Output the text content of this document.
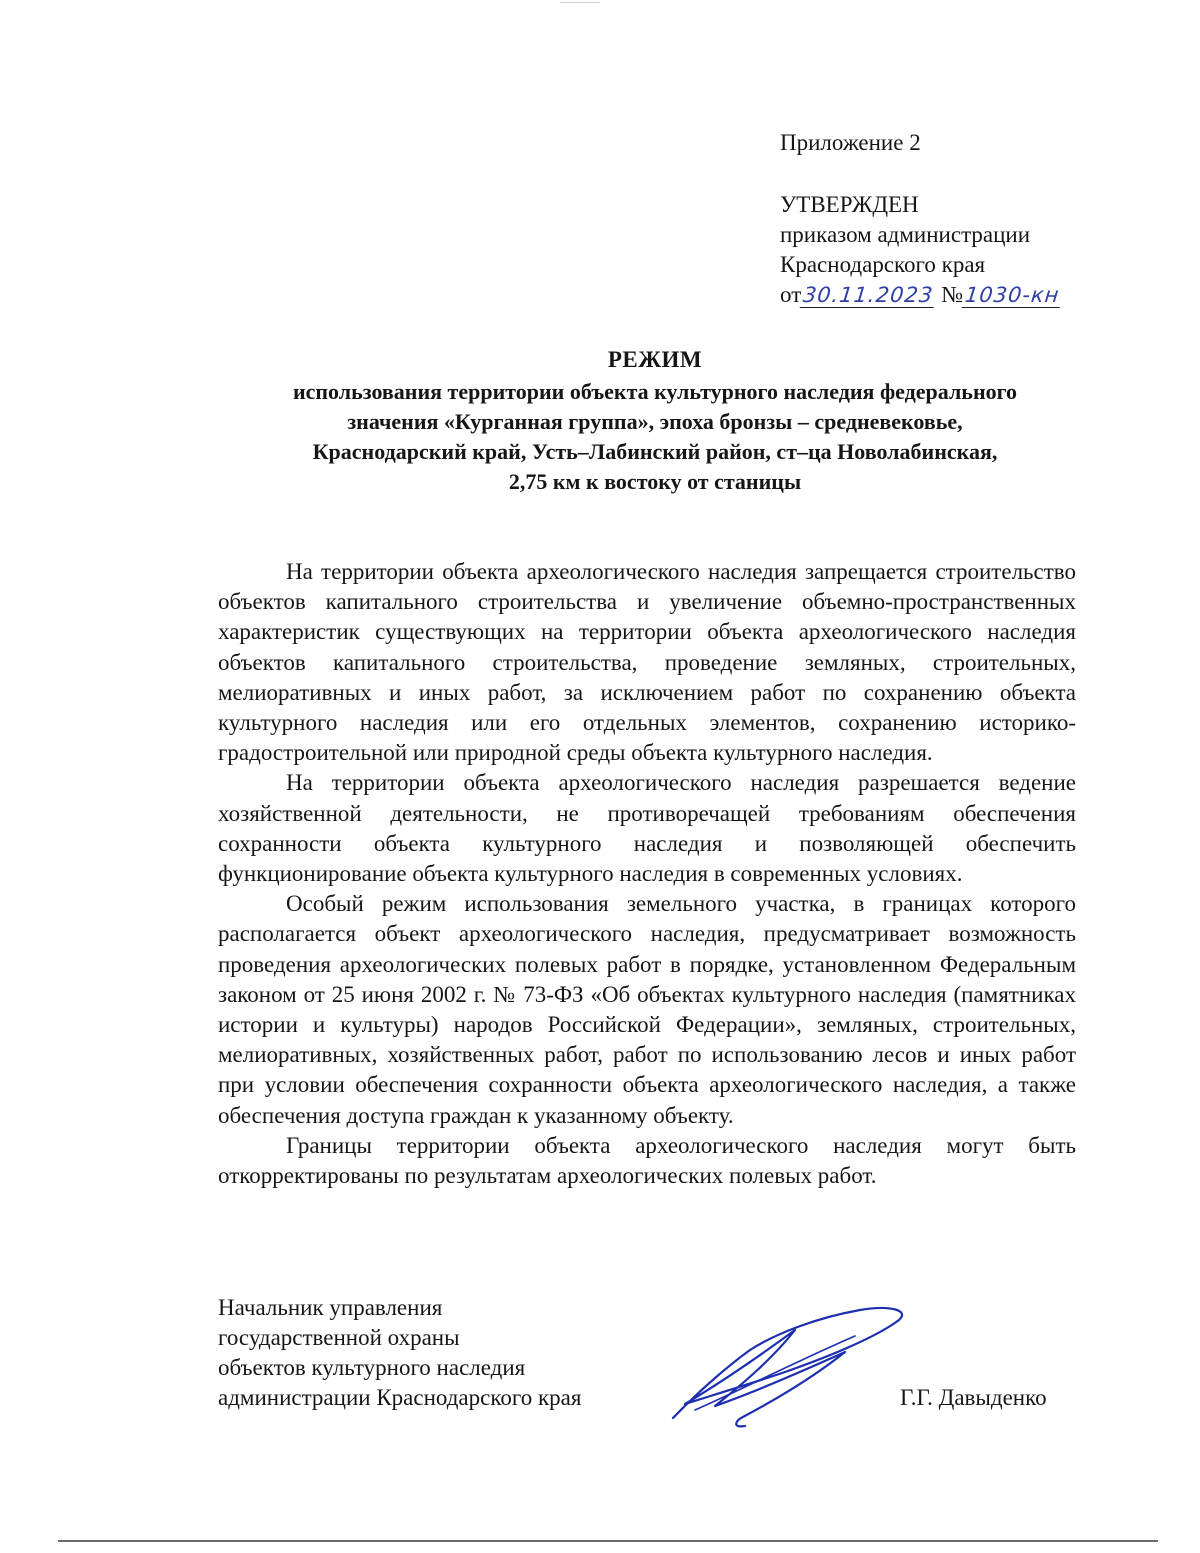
Приложение 2
УТВЕРЖДЕН
приказом администрации
Краснодарского края
от30.11.2023 №1030-кн
РЕЖИМ
использования территории объекта культурного наследия федерального
значения «Курганная группа», эпоха бронзы – средневековье,
Краснодарский край, Усть–Лабинский район, ст–ца Новолабинская,
2,75 км к востоку от станицы

На территории объекта археологического наследия запрещается строительство объектов капитального строительства и увеличение объемно-пространственных характеристик существующих на территории объекта археологического наследия объектов капитального строительства, проведение земляных, строительных, мелиоративных и иных работ, за исключением работ по сохранению объекта культурного наследия или его отдельных элементов, сохранению историко-градостроительной или природной среды объекта культурного наследия.

На территории объекта археологического наследия разрешается ведение хозяйственной деятельности, не противоречащей требованиям обеспечения сохранности объекта культурного наследия и позволяющей обеспечить функционирование объекта культурного наследия в современных условиях.

Особый режим использования земельного участка, в границах которого располагается объект археологического наследия, предусматривает возможность проведения археологических полевых работ в порядке, установленном Федеральным законом от 25 июня 2002 г. № 73-ФЗ «Об объектах культурного наследия (памятниках истории и культуры) народов Российской Федерации», земляных, строительных, мелиоративных, хозяйственных работ, работ по использованию лесов и иных работ при условии обеспечения сохранности объекта археологического наследия, а также обеспечения доступа граждан к указанному объекту.

Границы территории объекта археологического наследия могут быть откорректированы по результатам археологических полевых работ.

Начальник управления
государственной охраны
объектов культурного наследия
администрации Краснодарского края	Г.Г. Давыденко
